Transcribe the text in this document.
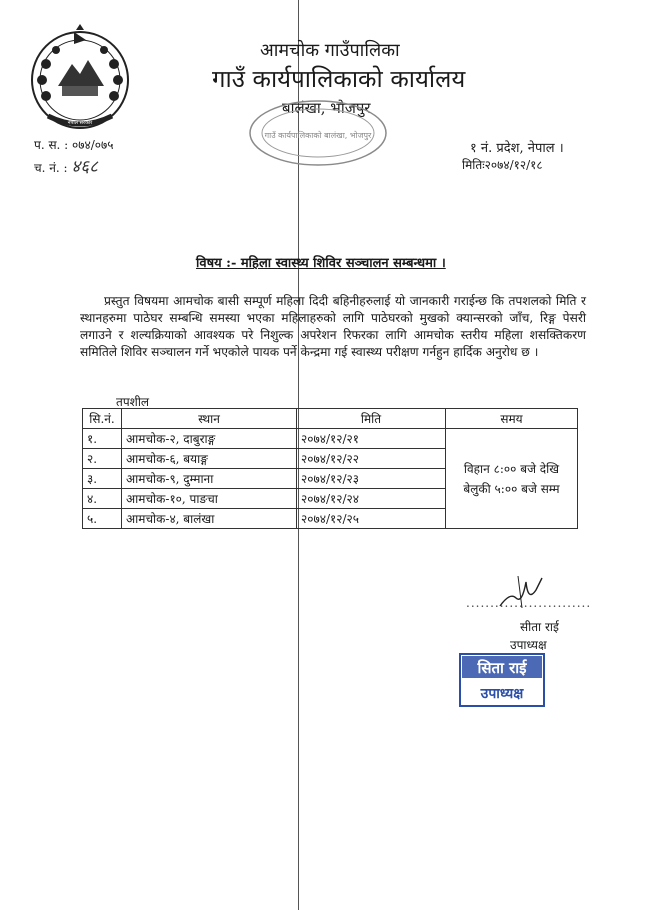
नेपाल सरकार
आमचोक गाउँपालिका
गाउँ कार्यपालिकाको कार्यालय
बालंखा, भोजपुर
गाउँ कार्यपालिकाको बालंखा, भोजपुर
प. स. : ०७४/०७५
च. नं. : ४६८
१ नं. प्रदेश, नेपाल ।
मितिः२०७४/१२/१८
विषय :- महिला स्वास्थ्य शिविर सञ्चालन सम्बन्धमा ।
प्रस्तुत विषयमा आमचोक बासी सम्पूर्ण महिला दिदी बहिनीहरुलाई यो जानकारी गराईन्छ कि तपशलको मिति र स्थानहरुमा पाठेघर सम्बन्धि समस्या भएका महिलाहरुको लागि पाठेघरको मुखको क्यान्सरको जाँच, रिङ्ग पेसरी लगाउने र शल्यक्रियाको आवश्यक परे निशुल्क अपरेशन रिफरका लागि आमचोक स्तरीय महिला शसक्तिकरण समितिले शिविर सञ्चालन गर्ने भएकोले पायक पर्ने केन्द्रमा गई स्वास्थ्य परीक्षण गर्नहुन हार्दिक अनुरोध छ ।
तपशील
सि.नं.	स्थान	मिति	समय
१.	आमचोक-२, दाबुराङ्ग	२०७४/१२/२१	विहान ८:०० बजे देखि
बेलुकी ५:०० बजे सम्म

२.	आमचोक-६, बयाङ्ग	२०७४/१२/२२	
३.	आमचोक-९, दुम्माना	२०७४/१२/२३	
४.	आमचोक-१०, पाङचा	२०७४/१२/२४	
५.	आमचोक-४, बालंखा	२०७४/१२/२५	
..........................
सीता राई
उपाध्यक्ष
सिता राई
उपाध्यक्ष
